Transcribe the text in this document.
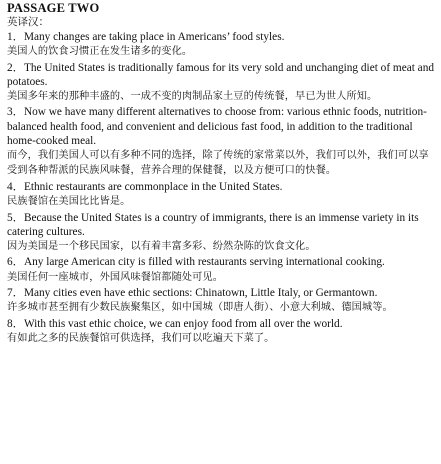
PASSAGE TWO
英译汉：

1．Many changes are taking place in Americans’ food styles.

美国人的饮食习惯正在发生诸多的变化。

2．The United States is traditionally famous for its very sold and unchanging diet of meat and potatoes.

美国多年来的那种丰盛的、一成不变的肉制品家土豆的传统餐，早已为世人所知。

3．Now we have many different alternatives to choose from: various ethnic foods, nutrition-balanced health food, and convenient and delicious fast food, in addition to the traditional home-cooked meal.

而今，我们美国人可以有多种不同的选择，除了传统的家常菜以外，我们可以外，我们可以享受到各种帮派的民族风味餐，营养合理的保健餐，以及方便可口的快餐。

4．Ethnic restaurants are commonplace in the United States.

民族餐馆在美国比比皆是。

5．Because the United States is a country of immigrants, there is an immense variety in its catering cultures.

因为美国是一个移民国家，以有着丰富多彩、纷然杂陈的饮食文化。

6．Any large American city is filled with restaurants serving international cooking.

美国任何一座城市，外国风味餐馆都随处可见。

7．Many cities even have ethic sections: Chinatown, Little Italy, or Germantown.

许多城市甚至拥有少数民族聚集区，如中国城（即唐人街）、小意大利城、德国城等。

8．With this vast ethic choice, we can enjoy food from all over the world.

有如此之多的民族餐馆可供选择，我们可以吃遍天下菜了。
